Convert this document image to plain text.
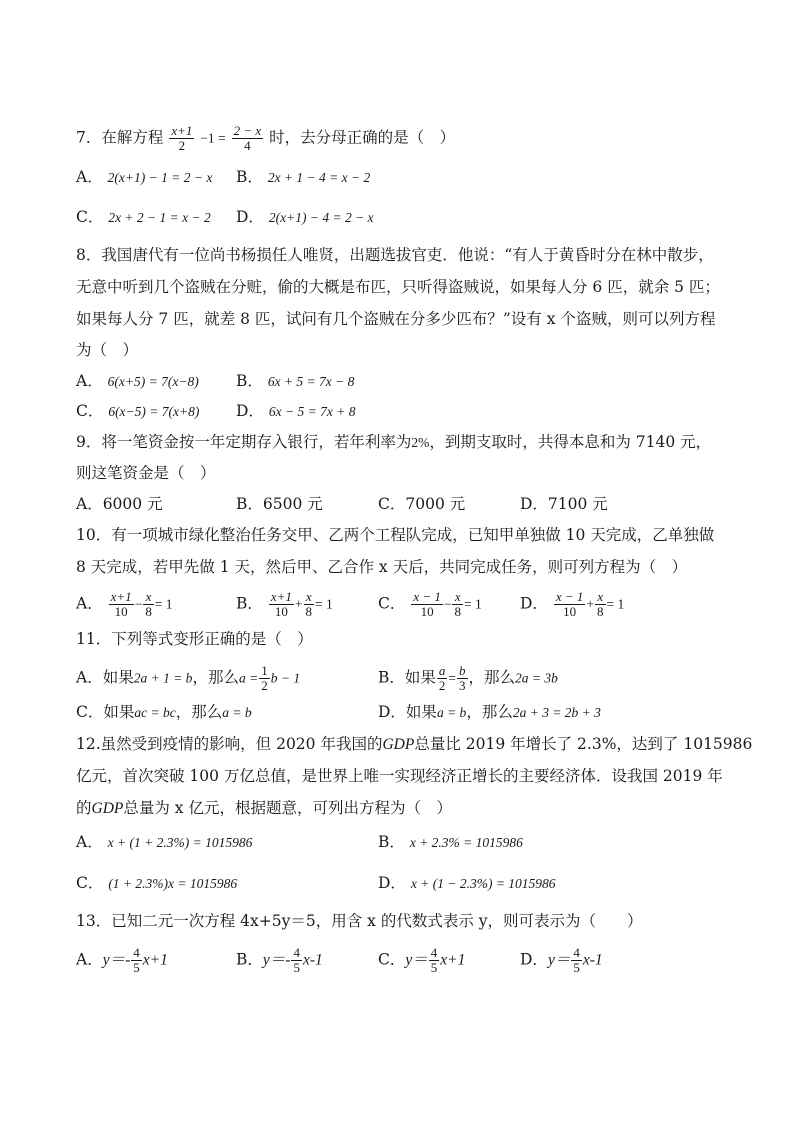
7．在解方程 $\frac{x+1}{2} -1 = \frac{2 - x}{4}$ 时，去分母正确的是（　）
A． 2(x+1) − 1 = 2 − x B． 2x + 1 − 4 = x − 2
C． 2x + 2 − 1 = x − 2 D． 2(x+1) − 4 = 2 − x
8．我国唐代有一位尚书杨损任人唯贤，出题选拔官吏．他说：“有人于黄昏时分在林中散步，
无意中听到几个盗贼在分赃，偷的大概是布匹，只听得盗贼说，如果每人分 6 匹，就余 5 匹；
如果每人分 7 匹，就差 8 匹，试问有几个盗贼在分多少匹布？”设有 x 个盗贼，则可以列方程
为（　）
A． 6(x+5) = 7(x−8) B． 6x + 5 = 7x − 8
C． 6(x−5) = 7(x+8) D． 6x − 5 = 7x + 8
9．将一笔资金按一年定期存入银行，若年利率为2%，到期支取时，共得本息和为 7140 元，
则这笔资金是（　）
A．6000 元	B．6500 元	C．7000 元	D．7100 元
10．有一项城市绿化整治任务交甲、乙两个工程队完成，已知甲单独做 10 天完成，乙单独做
8 天完成，若甲先做 1 天，然后甲、乙合作 x 天后，共同完成任务，则可列方程为（　）
A． $\frac{x+1}{10} - \frac{x}{8} = 1$	B． $\frac{x+1}{10} + \frac{x}{8} = 1$	C． $\frac{x - 1}{10} - \frac{x}{8} = 1$ D． $\frac{x - 1}{10} + \frac{x}{8} = 1$
11．下列等式变形正确的是（　）
A．如果2a + 1 = b，那么$a = \frac{1}{2}$ b − 1	B．如果 $\frac{a}{2} = \frac{b}{3}$ ，那么2a = 3b
C．如果ac = bc，那么a = b	D．如果a = b，那么2a + 3 = 2b + 3
12.虽然受到疫情的影响，但 2020 年我国的GDP总量比 2019 年增长了 2.3%，达到了 1015986
亿元，首次突破 100 万亿总值，是世界上唯一实现经济正增长的主要经济体．设我国 2019 年
的GDP总量为 x 亿元，根据题意，可列出方程为（　）
A． x + (1 + 2.3%) = 1015986	B． x + 2.3% = 1015986
C． (1 + 2.3%)x = 1015986	D． x + (1 − 2.3%) = 1015986
13．已知二元一次方程 4x+5y＝5，用含 x 的代数式表示 y，则可表示为（　　）
A．$y=- \frac{4}{5} x+1$	B．$y=- \frac{4}{5} x-1$	C．$y= \frac{4}{5} x+1$	D．$y= \frac{4}{5} x-1$
